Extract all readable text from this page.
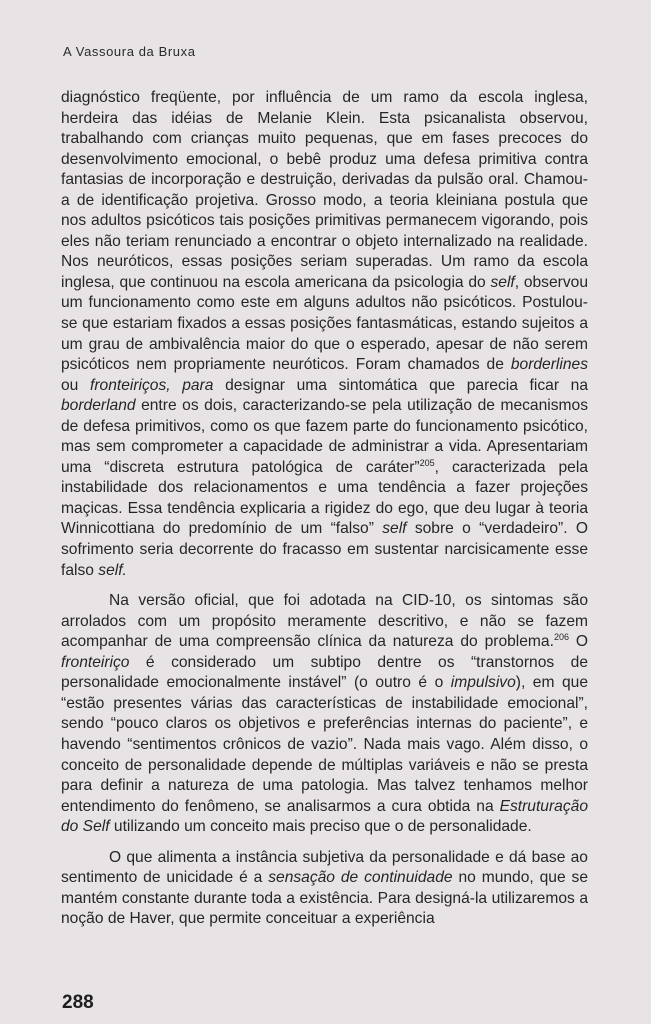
A Vassoura da Bruxa

diagnóstico freqüente, por influência de um ramo da escola inglesa, herdeira das idéias de Melanie Klein. Esta psicanalista observou, trabalhando com crianças muito pequenas, que em fases precoces do desenvolvimento emocional, o bebê produz uma defesa primitiva contra fantasias de incorporação e destruição, derivadas da pulsão oral. Chamou-a de identificação projetiva. Grosso modo, a teoria kleiniana postula que nos adultos psicóticos tais posições primitivas permanecem vigorando, pois eles não teriam renunciado a encontrar o objeto internalizado na realidade. Nos neuróticos, essas posições seriam superadas. Um ramo da escola inglesa, que continuou na escola americana da psicologia do self, observou um funcionamento como este em alguns adultos não psicóticos. Postulou-se que estariam fixados a essas posições fantasmáticas, estando sujeitos a um grau de ambivalência maior do que o esperado, apesar de não serem psicóticos nem propriamente neuróticos. Foram chamados de borderlines ou fronteiriços, para designar uma sintomática que parecia ficar na borderland entre os dois, caracterizando-se pela utilização de mecanismos de defesa primitivos, como os que fazem parte do funcionamento psicótico, mas sem comprometer a capacidade de administrar a vida. Apresentariam uma “discreta estrutura patológica de caráter”$^{205}$, caracterizada pela instabilidade dos relacionamentos e uma tendência a fazer projeções maçicas. Essa tendência explicaria a rigidez do ego, que deu lugar à teoria Winnicottiana do predomínio de um “falso” self sobre o “verdadeiro”. O sofrimento seria decorrente do fracasso em sustentar narcisicamente esse falso self.

Na versão oficial, que foi adotada na CID-10, os sintomas são arrolados com um propósito meramente descritivo, e não se fazem acompanhar de uma compreensão clínica da natureza do problema.$^{206}$ O fronteiriço é considerado um subtipo dentre os “transtornos de personalidade emocionalmente instável” (o outro é o impulsivo), em que “estão presentes várias das características de instabilidade emocional”, sendo “pouco claros os objetivos e preferências internas do paciente”, e havendo “sentimentos crônicos de vazio”. Nada mais vago. Além disso, o conceito de personalidade depende de múltiplas variáveis e não se presta para definir a natureza de uma patologia. Mas talvez tenhamos melhor entendimento do fenômeno, se analisarmos a cura obtida na Estruturação do Self utilizando um conceito mais preciso que o de personalidade.

O que alimenta a instância subjetiva da personalidade e dá base ao sentimento de unicidade é a sensação de continuidade no mundo, que se mantém constante durante toda a existência. Para designá-la utilizaremos a noção de Haver, que permite conceituar a experiência

288
